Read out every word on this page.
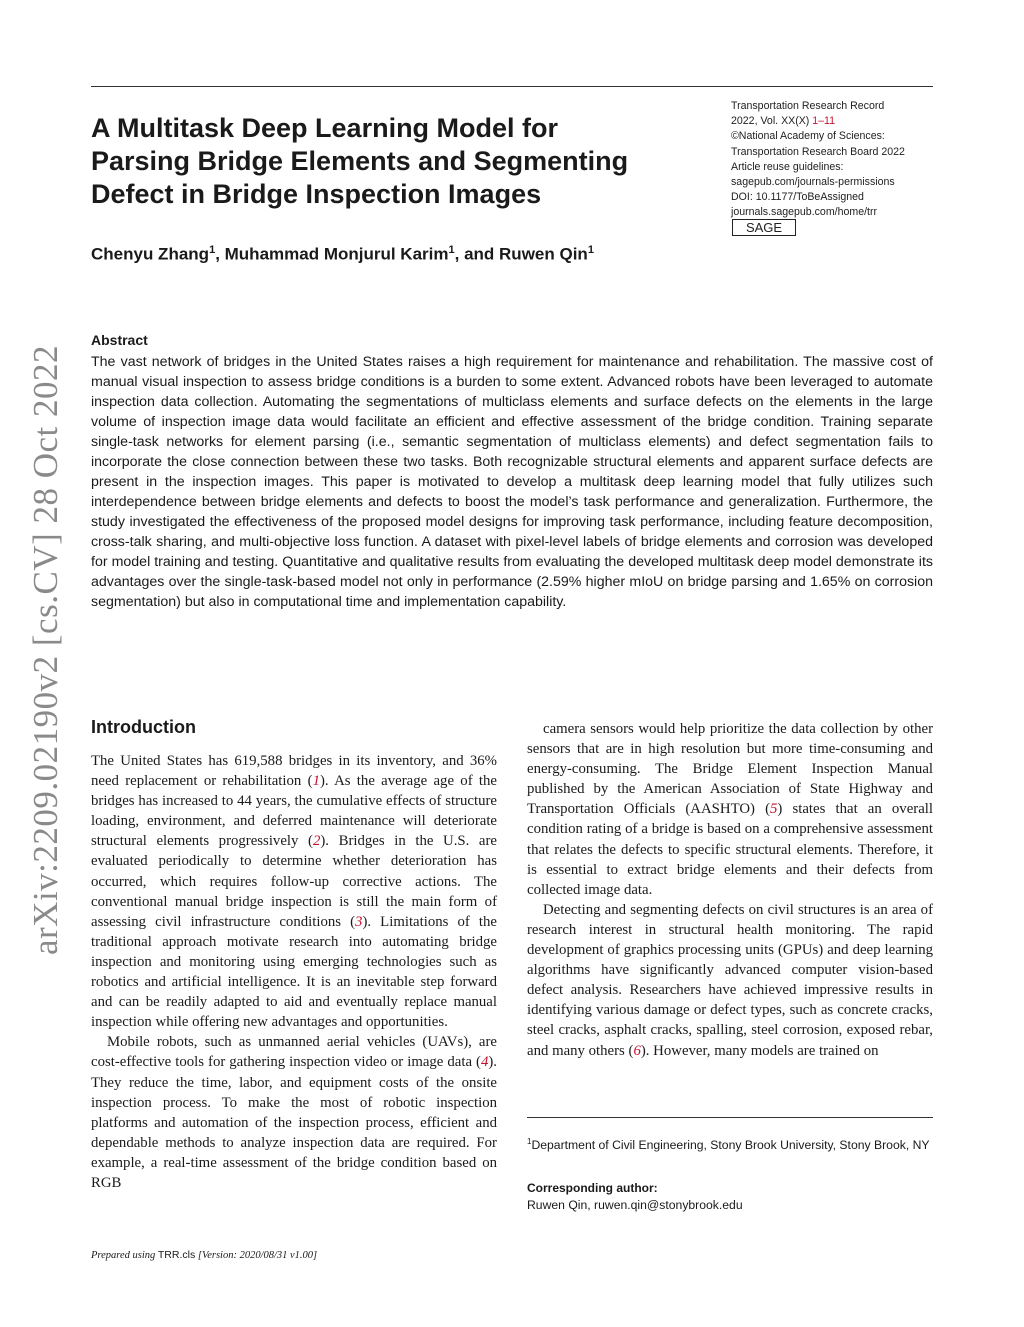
A Multitask Deep Learning Model for
Parsing Bridge Elements and Segmenting
Defect in Bridge Inspection Images
Transportation Research Record
2022, Vol. XX(X) 1–11
©National Academy of Sciences:
Transportation Research Board 2022
Article reuse guidelines:
sagepub.com/journals-permissions
DOI: 10.1177/ToBeAssigned
journals.sagepub.com/home/trr
SAGE
Chenyu Zhang$^1$, Muhammad Monjurul Karim$^1$, and Ruwen Qin$^1$
arXiv:2209.02190v2 [cs.CV] 28 Oct 2022
Abstract

The vast network of bridges in the United States raises a high requirement for maintenance and rehabilitation. The massive cost of manual visual inspection to assess bridge conditions is a burden to some extent. Advanced robots have been leveraged to automate inspection data collection. Automating the segmentations of multiclass elements and surface defects on the elements in the large volume of inspection image data would facilitate an efficient and effective assessment of the bridge condition. Training separate single-task networks for element parsing (i.e., semantic segmentation of multiclass elements) and defect segmentation fails to incorporate the close connection between these two tasks. Both recognizable structural elements and apparent surface defects are present in the inspection images. This paper is motivated to develop a multitask deep learning model that fully utilizes such interdependence between bridge elements and defects to boost the model’s task performance and generalization. Furthermore, the study investigated the effectiveness of the proposed model designs for improving task performance, including feature decomposition, cross-talk sharing, and multi-objective loss function. A dataset with pixel-level labels of bridge elements and corrosion was developed for model training and testing. Quantitative and qualitative results from evaluating the developed multitask deep model demonstrate its advantages over the single-task-based model not only in performance (2.59% higher mIoU on bridge parsing and 1.65% on corrosion segmentation) but also in computational time and implementation capability.

Introduction

The United States has 619,588 bridges in its inventory, and 36% need replacement or rehabilitation (1). As the average age of the bridges has increased to 44 years, the cumulative effects of structure loading, environment, and deferred maintenance will deteriorate structural elements progressively (2). Bridges in the U.S. are evaluated periodically to determine whether deterioration has occurred, which requires follow-up corrective actions. The conventional manual bridge inspection is still the main form of assessing civil infrastructure conditions (3). Limitations of the traditional approach motivate research into automating bridge inspection and monitoring using emerging technologies such as robotics and artificial intelligence. It is an inevitable step forward and can be readily adapted to aid and eventually replace manual inspection while offering new advantages and opportunities.

Mobile robots, such as unmanned aerial vehicles (UAVs), are cost-effective tools for gathering inspection video or image data (4). They reduce the time, labor, and equipment costs of the onsite inspection process. To make the most of robotic inspection platforms and automation of the inspection process, efficient and dependable methods to analyze inspection data are required. For example, a real-time assessment of the bridge condition based on RGB

camera sensors would help prioritize the data collection by other sensors that are in high resolution but more time-consuming and energy-consuming. The Bridge Element Inspection Manual published by the American Association of State Highway and Transportation Officials (AASHTO) (5) states that an overall condition rating of a bridge is based on a comprehensive assessment that relates the defects to specific structural elements. Therefore, it is essential to extract bridge elements and their defects from collected image data.

Detecting and segmenting defects on civil structures is an area of research interest in structural health monitoring. The rapid development of graphics processing units (GPUs) and deep learning algorithms have significantly advanced computer vision-based defect analysis. Researchers have achieved impressive results in identifying various damage or defect types, such as concrete cracks, steel cracks, asphalt cracks, spalling, steel corrosion, exposed rebar, and many others (6). However, many models are trained on

$^1$Department of Civil Engineering, Stony Brook University, Stony Brook, NY

Corresponding author:

Ruwen Qin, ruwen.qin@stonybrook.edu

Prepared using TRR.cls [Version: 2020/08/31 v1.00]
